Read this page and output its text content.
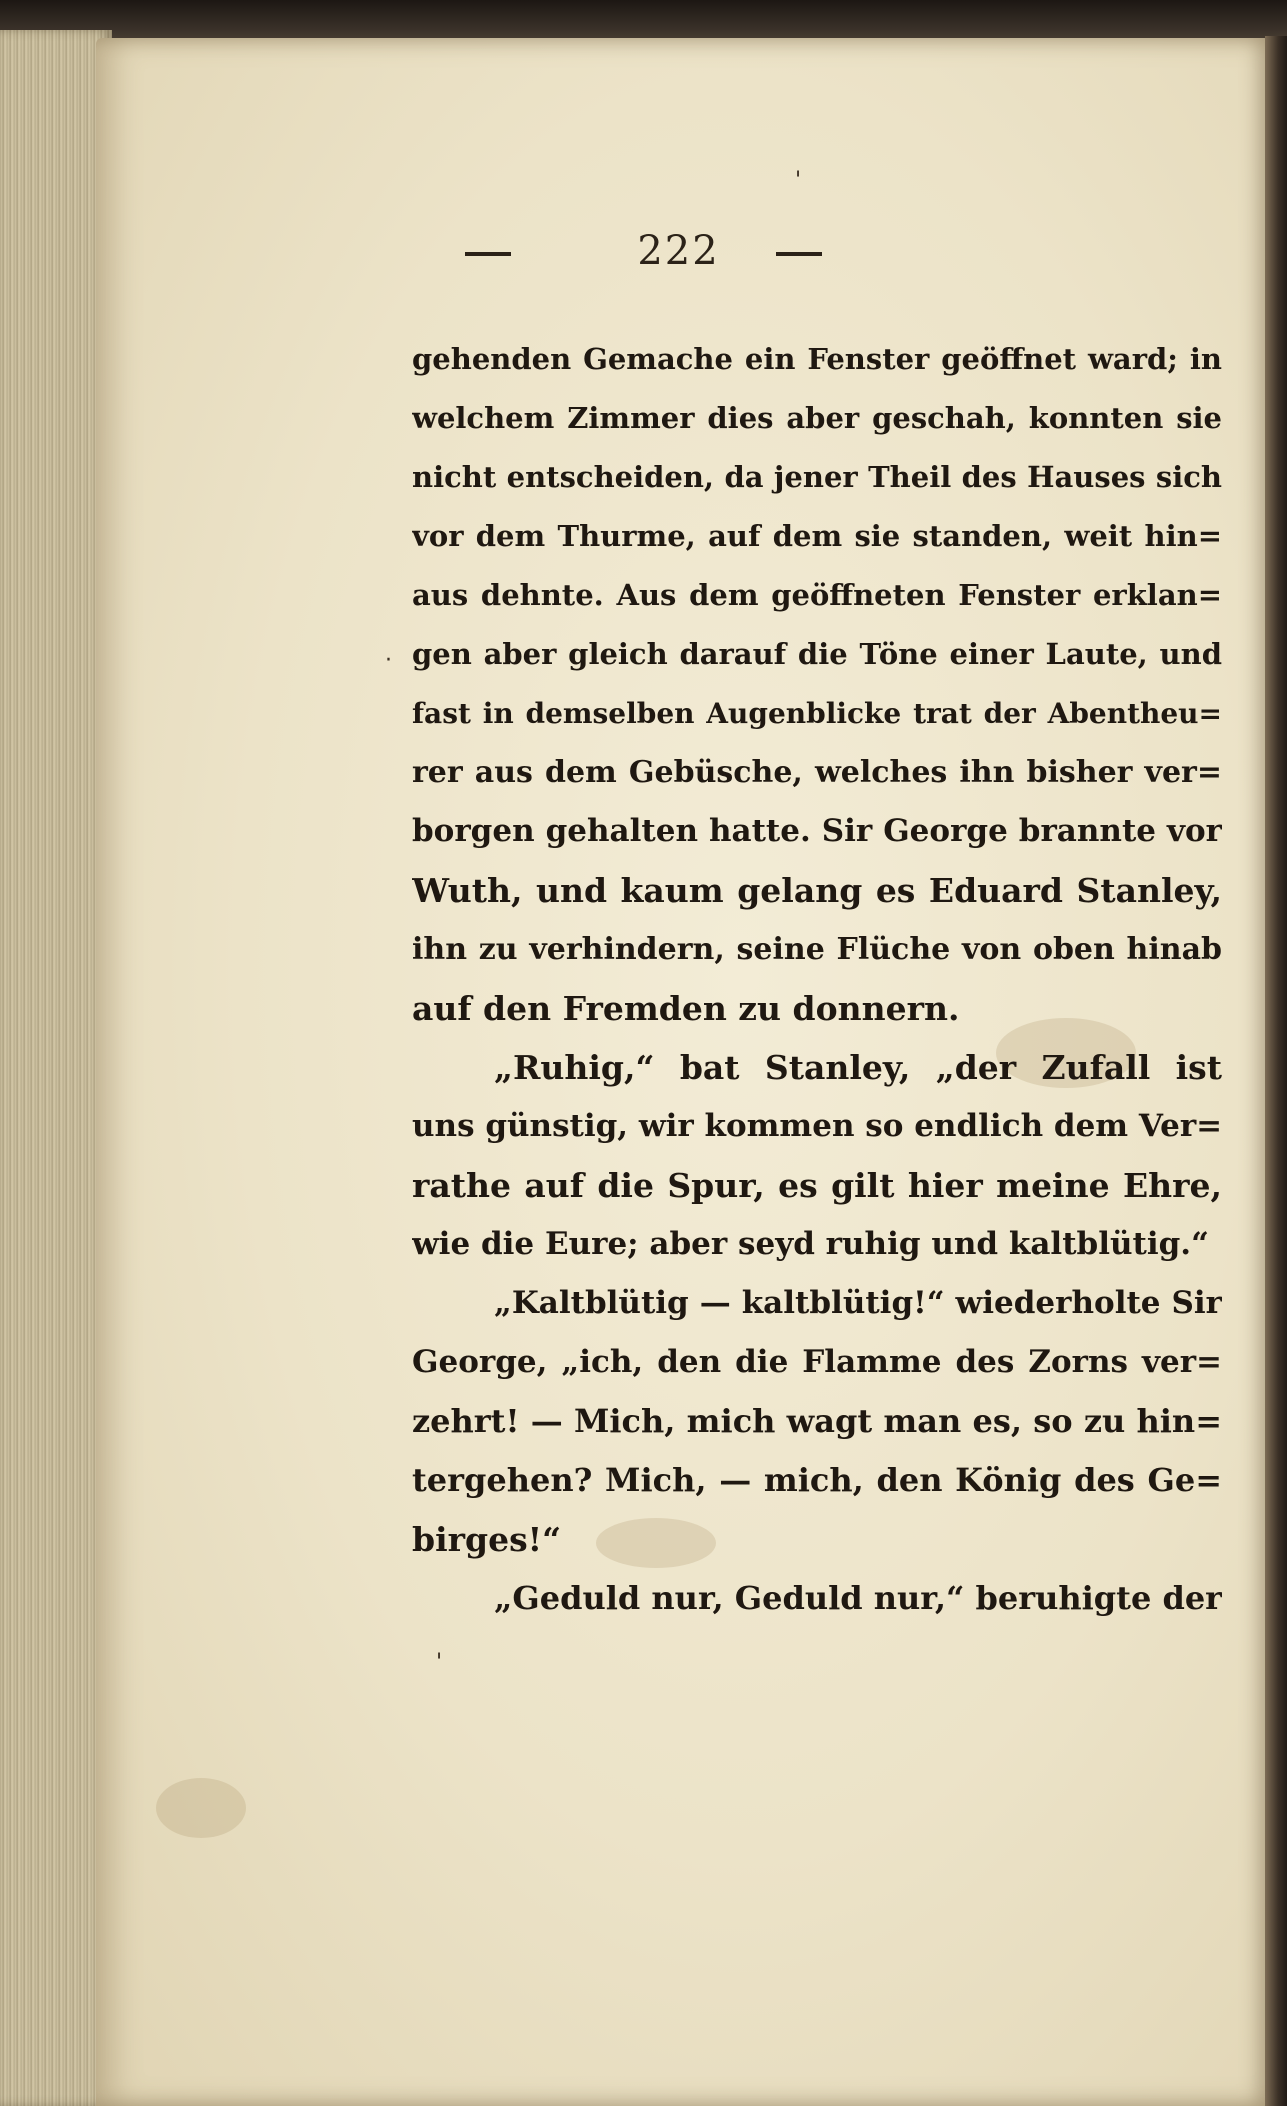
'
·
'
222
gehenden Gemache ein Fenster geöffnet ward; in
welchem Zimmer dies aber geschah, konnten sie
nicht entscheiden, da jener Theil des Hauses sich
vor dem Thurme, auf dem sie standen, weit hin=
aus dehnte. Aus dem geöffneten Fenster erklan=
gen aber gleich darauf die Töne einer Laute, und
fast in demselben Augenblicke trat der Abentheu=
rer aus dem Gebüsche, welches ihn bisher ver=
borgen gehalten hatte. Sir George brannte vor
Wuth, und kaum gelang es Eduard Stanley,
ihn zu verhindern, seine Flüche von oben hinab
auf den Fremden zu donnern.
„Ruhig,“ bat Stanley, „der Zufall ist
uns günstig, wir kommen so endlich dem Ver=
rathe auf die Spur, es gilt hier meine Ehre,
wie die Eure; aber seyd ruhig und kaltblütig.“
„Kaltblütig — kaltblütig!“ wiederholte Sir
George, „ich, den die Flamme des Zorns ver=
zehrt! — Mich, mich wagt man es, so zu hin=
tergehen? Mich, — mich, den König des Ge=
birges!“
„Geduld nur, Geduld nur,“ beruhigte der
